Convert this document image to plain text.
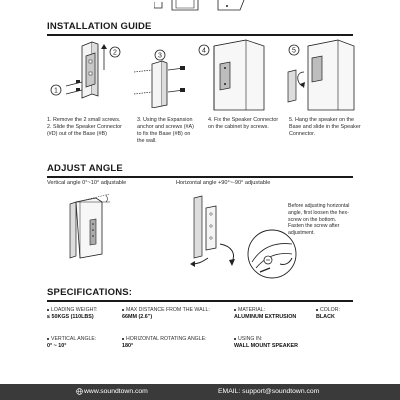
INSTALLATION GUIDE
2
1
3
4	5
1. Remove the 2 small screws.
2. Slide the Speaker Connector
(#D) out of the Base (#B)
3. Using the Expansion
anchor and screws (#A)
to fix the Base (#B) on
the wall.
4. Fix the Speaker Connector
on the cabinet by screws.
5. Hang the speaker on the
Base and slide in the Speaker
Connector.
ADJUST ANGLE
Vertical angle 0°~10° adjustable	Horizontal angle +90°~-90° adjustable
Before adjusting horizontal
angle, first loosen the hex-
screw on the bottom.
Fasten the screw after
adjustment.
SPECIFICATIONS:
LOADING WEIGHT:
≤ 50KGS (110LBS)
MAX DISTANCE FROM THE WALL:
66MM (2.6")
MATERIAL:
ALUMINUM EXTRUSION
COLOR:
BLACK
VERTICAL ANGLE:
0° ~ 10°
HORIZONTAL ROTATING ANGLE:
180°
USING IN:
WALL MOUNT SPEAKER
www.soundtown.com	EMAIL: support@soundtown.com
